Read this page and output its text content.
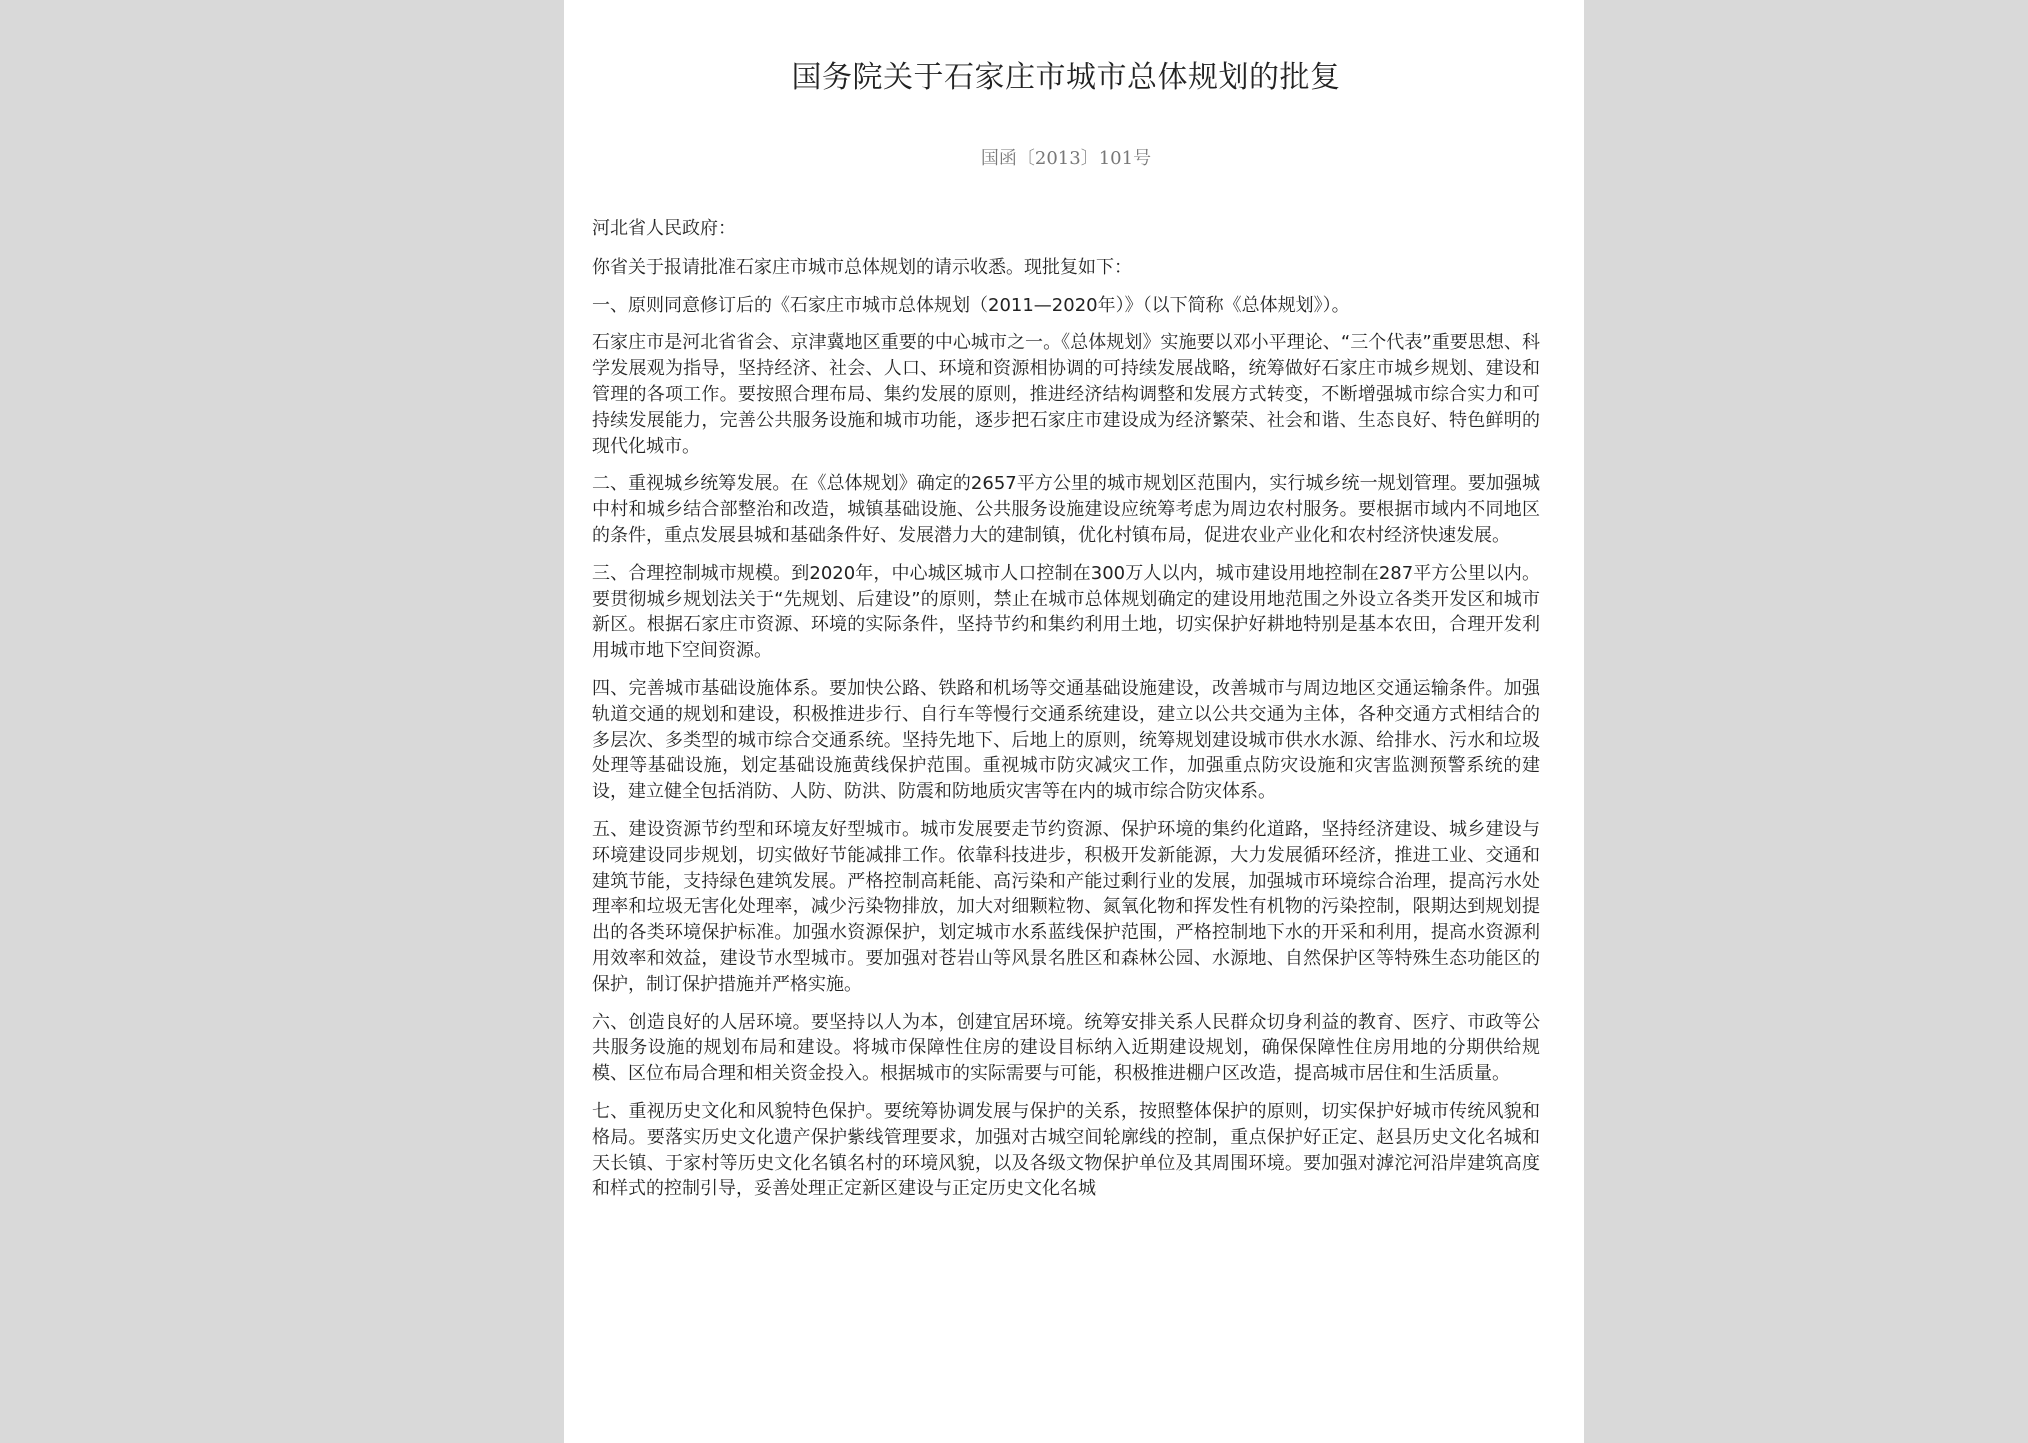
国务院关于石家庄市城市总体规划的批复
国函〔2013〕101号

河北省人民政府：

你省关于报请批准石家庄市城市总体规划的请示收悉。现批复如下：

一、原则同意修订后的《石家庄市城市总体规划（2011—2020年）》（以下简称《总体规划》）。

石家庄市是河北省省会、京津冀地区重要的中心城市之一。《总体规划》实施要以邓小平理论、“三个代表”重要思想、科学发展观为指导，坚持经济、社会、人口、环境和资源相协调的可持续发展战略，统筹做好石家庄市城乡规划、建设和管理的各项工作。要按照合理布局、集约发展的原则，推进经济结构调整和发展方式转变，不断增强城市综合实力和可持续发展能力，完善公共服务设施和城市功能，逐步把石家庄市建设成为经济繁荣、社会和谐、生态良好、特色鲜明的现代化城市。

二、重视城乡统筹发展。在《总体规划》确定的2657平方公里的城市规划区范围内，实行城乡统一规划管理。要加强城中村和城乡结合部整治和改造，城镇基础设施、公共服务设施建设应统筹考虑为周边农村服务。要根据市域内不同地区的条件，重点发展县城和基础条件好、发展潜力大的建制镇，优化村镇布局，促进农业产业化和农村经济快速发展。

三、合理控制城市规模。到2020年，中心城区城市人口控制在300万人以内，城市建设用地控制在287平方公里以内。要贯彻城乡规划法关于“先规划、后建设”的原则，禁止在城市总体规划确定的建设用地范围之外设立各类开发区和城市新区。根据石家庄市资源、环境的实际条件，坚持节约和集约利用土地，切实保护好耕地特别是基本农田，合理开发利用城市地下空间资源。

四、完善城市基础设施体系。要加快公路、铁路和机场等交通基础设施建设，改善城市与周边地区交通运输条件。加强轨道交通的规划和建设，积极推进步行、自行车等慢行交通系统建设，建立以公共交通为主体，各种交通方式相结合的多层次、多类型的城市综合交通系统。坚持先地下、后地上的原则，统筹规划建设城市供水水源、给排水、污水和垃圾处理等基础设施，划定基础设施黄线保护范围。重视城市防灾减灾工作，加强重点防灾设施和灾害监测预警系统的建设，建立健全包括消防、人防、防洪、防震和防地质灾害等在内的城市综合防灾体系。

五、建设资源节约型和环境友好型城市。城市发展要走节约资源、保护环境的集约化道路，坚持经济建设、城乡建设与环境建设同步规划，切实做好节能减排工作。依靠科技进步，积极开发新能源，大力发展循环经济，推进工业、交通和建筑节能，支持绿色建筑发展。严格控制高耗能、高污染和产能过剩行业的发展，加强城市环境综合治理，提高污水处理率和垃圾无害化处理率，减少污染物排放，加大对细颗粒物、氮氧化物和挥发性有机物的污染控制，限期达到规划提出的各类环境保护标准。加强水资源保护，划定城市水系蓝线保护范围，严格控制地下水的开采和利用，提高水资源利用效率和效益，建设节水型城市。要加强对苍岩山等风景名胜区和森林公园、水源地、自然保护区等特殊生态功能区的保护，制订保护措施并严格实施。

六、创造良好的人居环境。要坚持以人为本，创建宜居环境。统筹安排关系人民群众切身利益的教育、医疗、市政等公共服务设施的规划布局和建设。将城市保障性住房的建设目标纳入近期建设规划，确保保障性住房用地的分期供给规模、区位布局合理和相关资金投入。根据城市的实际需要与可能，积极推进棚户区改造，提高城市居住和生活质量。

七、重视历史文化和风貌特色保护。要统筹协调发展与保护的关系，按照整体保护的原则，切实保护好城市传统风貌和格局。要落实历史文化遗产保护紫线管理要求，加强对古城空间轮廓线的控制，重点保护好正定、赵县历史文化名城和天长镇、于家村等历史文化名镇名村的环境风貌，以及各级文物保护单位及其周围环境。要加强对滹沱河沿岸建筑高度和样式的控制引导，妥善处理正定新区建设与正定历史文化名城
